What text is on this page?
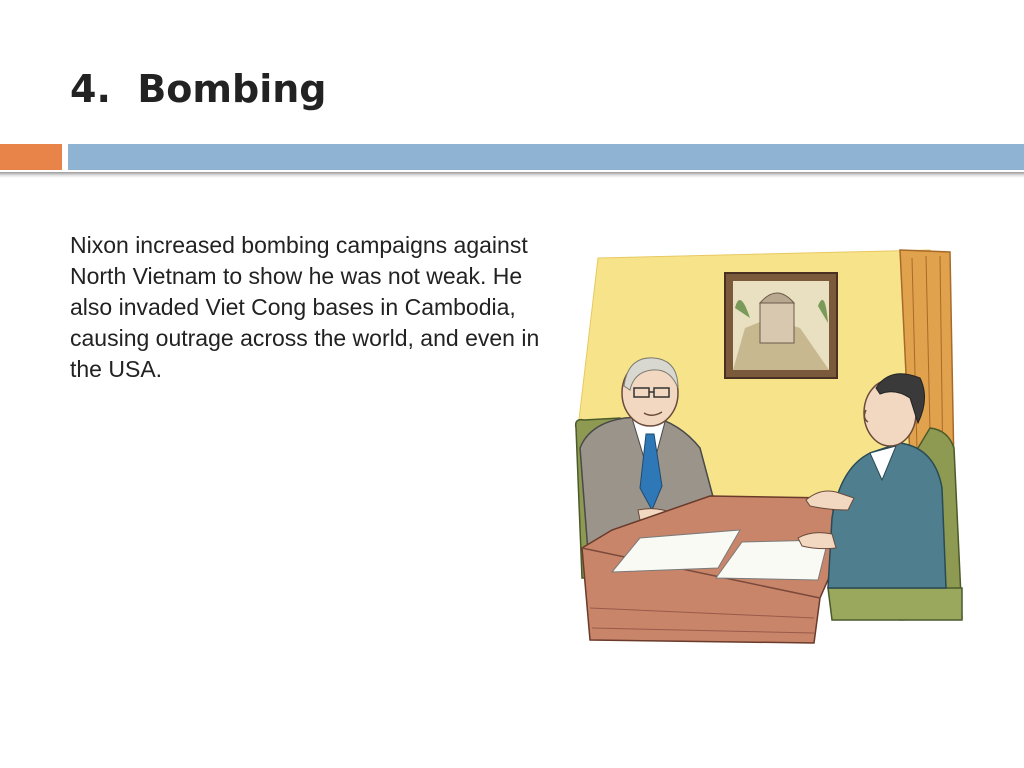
4.  Bombing

Nixon increased bombing campaigns against North Vietnam to show he was not weak. He also invaded Viet Cong bases in Cambodia, causing outrage across the world, and even in the USA.
